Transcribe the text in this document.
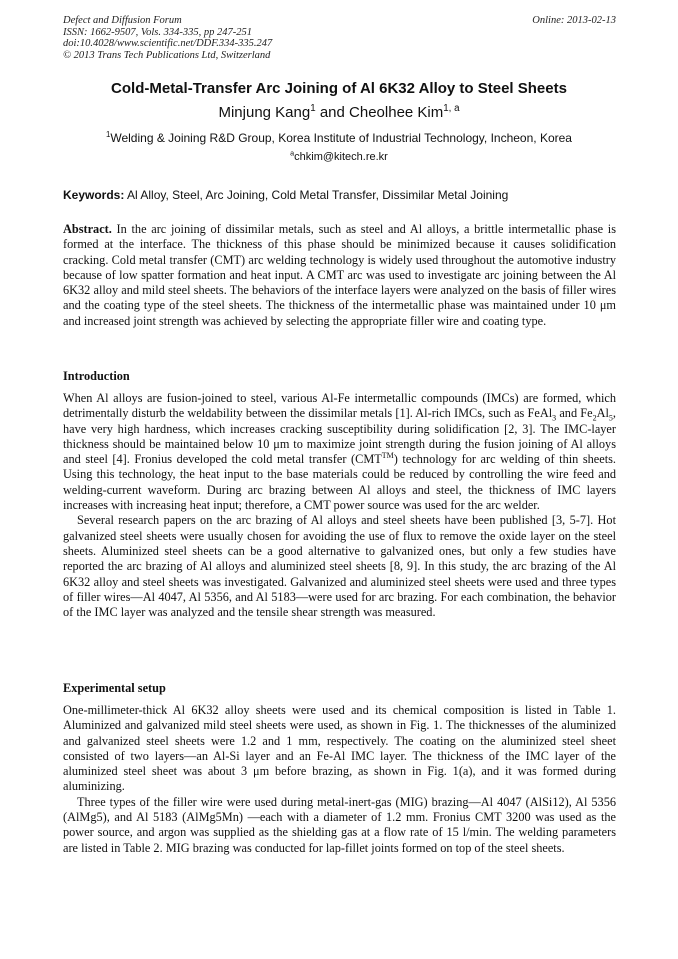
Defect and Diffusion Forum
ISSN: 1662-9507, Vols. 334-335, pp 247-251
doi:10.4028/www.scientific.net/DDF.334-335.247
© 2013 Trans Tech Publications Ltd, Switzerland
Online: 2013-02-13
Cold-Metal-Transfer Arc Joining of Al 6K32 Alloy to Steel Sheets
Minjung Kang$^1$ and Cheolhee Kim$^{1, a}$
$^1$Welding & Joining R&D Group, Korea Institute of Industrial Technology, Incheon, Korea
$^a$chkim@kitech.re.kr
Keywords: Al Alloy, Steel, Arc Joining, Cold Metal Transfer, Dissimilar Metal Joining
Abstract. In the arc joining of dissimilar metals, such as steel and Al alloys, a brittle intermetallic phase is formed at the interface. The thickness of this phase should be minimized because it causes solidification cracking. Cold metal transfer (CMT) arc welding technology is widely used throughout the automotive industry because of low spatter formation and heat input. A CMT arc was used to investigate arc joining between the Al 6K32 alloy and mild steel sheets. The behaviors of the interface layers were analyzed on the basis of filler wires and the coating type of the steel sheets. The thickness of the intermetallic phase was maintained under 10 μm and increased joint strength was achieved by selecting the appropriate filler wire and coating type.
Introduction

When Al alloys are fusion-joined to steel, various Al-Fe intermetallic compounds (IMCs) are formed, which detrimentally disturb the weldability between the dissimilar metals [1]. Al-rich IMCs, such as FeAl$_3$ and $Fe_2Al_5$, have very high hardness, which increases cracking susceptibility during solidification [2, 3]. The IMC-layer thickness should be maintained below 10 μm to maximize joint strength during the fusion joining of Al alloys and steel [4]. Fronius developed the cold metal transfer (CMT™) technology for arc welding of thin sheets. Using this technology, the heat input to the base materials could be reduced by controlling the wire feed and welding-current waveform. During arc brazing between Al alloys and steel, the thickness of IMC layers increases with increasing heat input; therefore, a CMT power source was used for the arc welder.

Several research papers on the arc brazing of Al alloys and steel sheets have been published [3, 5-7]. Hot galvanized steel sheets were usually chosen for avoiding the use of flux to remove the oxide layer on the steel sheets. Aluminized steel sheets can be a good alternative to galvanized ones, but only a few studies have reported the arc brazing of Al alloys and aluminized steel sheets [8, 9]. In this study, the arc brazing of the Al 6K32 alloy and steel sheets was investigated. Galvanized and aluminized steel sheets were used and three types of filler wires—Al 4047, Al 5356, and Al 5183—were used for arc brazing. For each combination, the behavior of the IMC layer was analyzed and the tensile shear strength was measured.

Experimental setup

One-millimeter-thick Al 6K32 alloy sheets were used and its chemical composition is listed in Table 1. Aluminized and galvanized mild steel sheets were used, as shown in Fig. 1. The thicknesses of the aluminized and galvanized steel sheets were 1.2 and 1 mm, respectively. The coating on the aluminized steel sheet consisted of two layers—an Al-Si layer and an Fe-Al IMC layer. The thickness of the IMC layer of the aluminized steel sheet was about 3 μm before brazing, as shown in Fig. 1(a), and it was formed during aluminizing.

Three types of the filler wire were used during metal-inert-gas (MIG) brazing—Al 4047 (AlSi12), Al 5356 (AlMg5), and Al 5183 (AlMg5Mn) —each with a diameter of 1.2 mm. Fronius CMT 3200 was used as the power source, and argon was supplied as the shielding gas at a flow rate of 15 l/min. The welding parameters are listed in Table 2. MIG brazing was conducted for lap-fillet joints formed on top of the steel sheets.
